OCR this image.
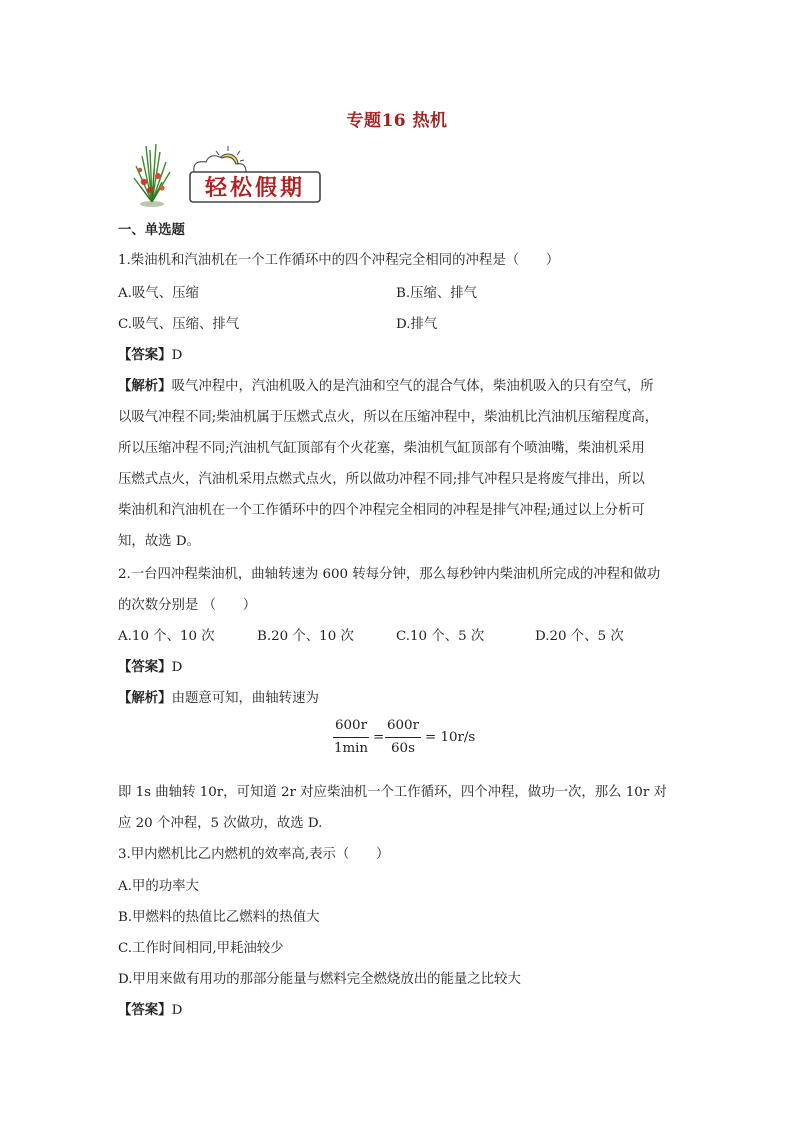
专题16 热机
轻松假期
一、单选题
1.柴油机和汽油机在一个工作循环中的四个冲程完全相同的冲程是（　　）
A.吸气、压缩	B.压缩、排气
C.吸气、压缩、排气	D.排气
【答案】D
【解析】吸气冲程中，汽油机吸入的是汽油和空气的混合气体，柴油机吸入的只有空气，所
以吸气冲程不同;柴油机属于压燃式点火，所以在压缩冲程中，柴油机比汽油机压缩程度高，
所以压缩冲程不同;汽油机气缸顶部有个火花塞，柴油机气缸顶部有个喷油嘴，柴油机采用
压燃式点火，汽油机采用点燃式点火，所以做功冲程不同;排气冲程只是将废气排出，所以
柴油机和汽油机在一个工作循环中的四个冲程完全相同的冲程是排气冲程;通过以上分析可
知，故选 D。
2.一台四冲程柴油机，曲轴转速为 600 转每分钟，那么每秒钟内柴油机所完成的冲程和做功
的次数分别是 （　　）
A.10 个、10 次	B.20 个、10 次	C.10 个、5 次	D.20 个、5 次
【答案】D
【解析】由题意可知，曲轴转速为
600r
1min
=
600r
60s
= 10r/s
即 1s 曲轴转 10r，可知道 2r 对应柴油机一个工作循环，四个冲程，做功一次，那么 10r 对
应 20 个冲程，5 次做功，故选 D.
3.甲内燃机比乙内燃机的效率高,表示（　　）
A.甲的功率大
B.甲燃料的热值比乙燃料的热值大
C.工作时间相同,甲耗油较少
D.甲用来做有用功的那部分能量与燃料完全燃烧放出的能量之比较大
【答案】D
